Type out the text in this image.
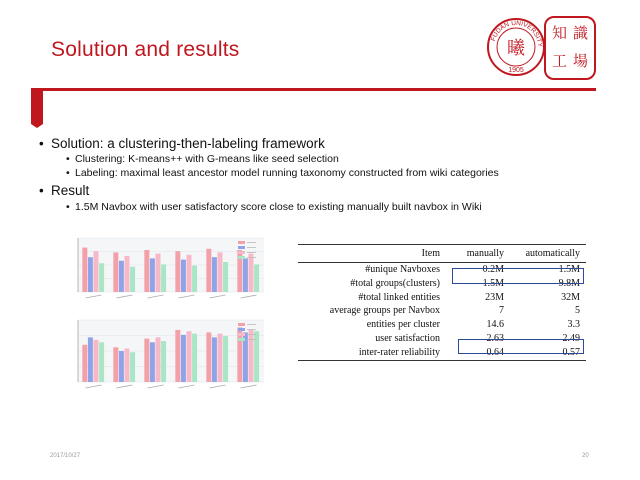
Solution and results	FUDAN UNIVERSITY
曦
1905
知 識
工 場
• Solution: a clustering-then-labeling framework
• Clustering: K-means++ with G-means like seed selection
• Labeling: maximal least ancestor model running taxonomy constructed from wiki categories
• Result
• 1.5M Navbox with user satisfactory score close to existing manually built navbox in Wiki
Item	manually	automatically
#unique Navboxes	0.2M	1.5M
#total groups(clusters)	1.5M	9.8M
#total linked entities	23M	32M
average groups per Navbox	7	5
entities per cluster	14.6	3.3
user satisfaction	2.63	2.49
inter-rater reliability	0.64	0.57
2017/10/27	20
